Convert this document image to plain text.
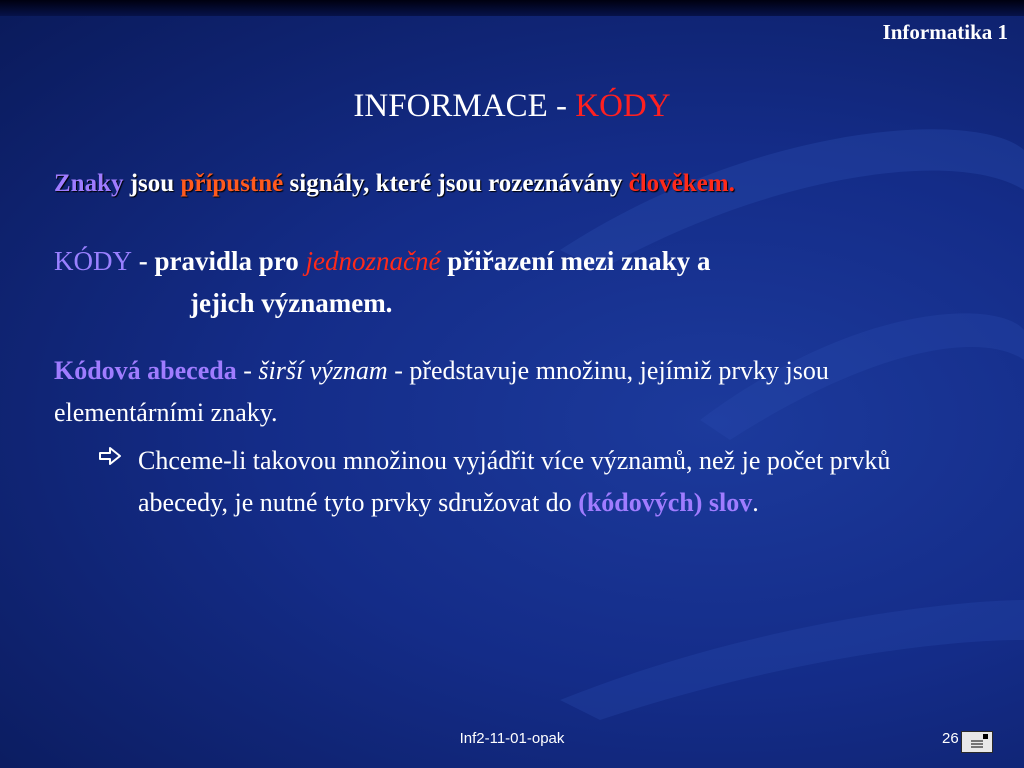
Informatika 1
INFORMACE - KÓDY
Znaky jsou přípustné signály, které jsou rozeznávány člověkem.
KÓDY - pravidla pro jednoznačné přiřazení mezi znaky a
jejich významem.
Kódová abeceda - širší význam - představuje množinu, jejímiž prvky jsou elementárními znaky.
Chceme-li takovou množinou vyjádřit více významů, než je počet prvků abecedy, je nutné tyto prvky sdružovat do (kódových) slov.
Inf2-11-01-opak	26
